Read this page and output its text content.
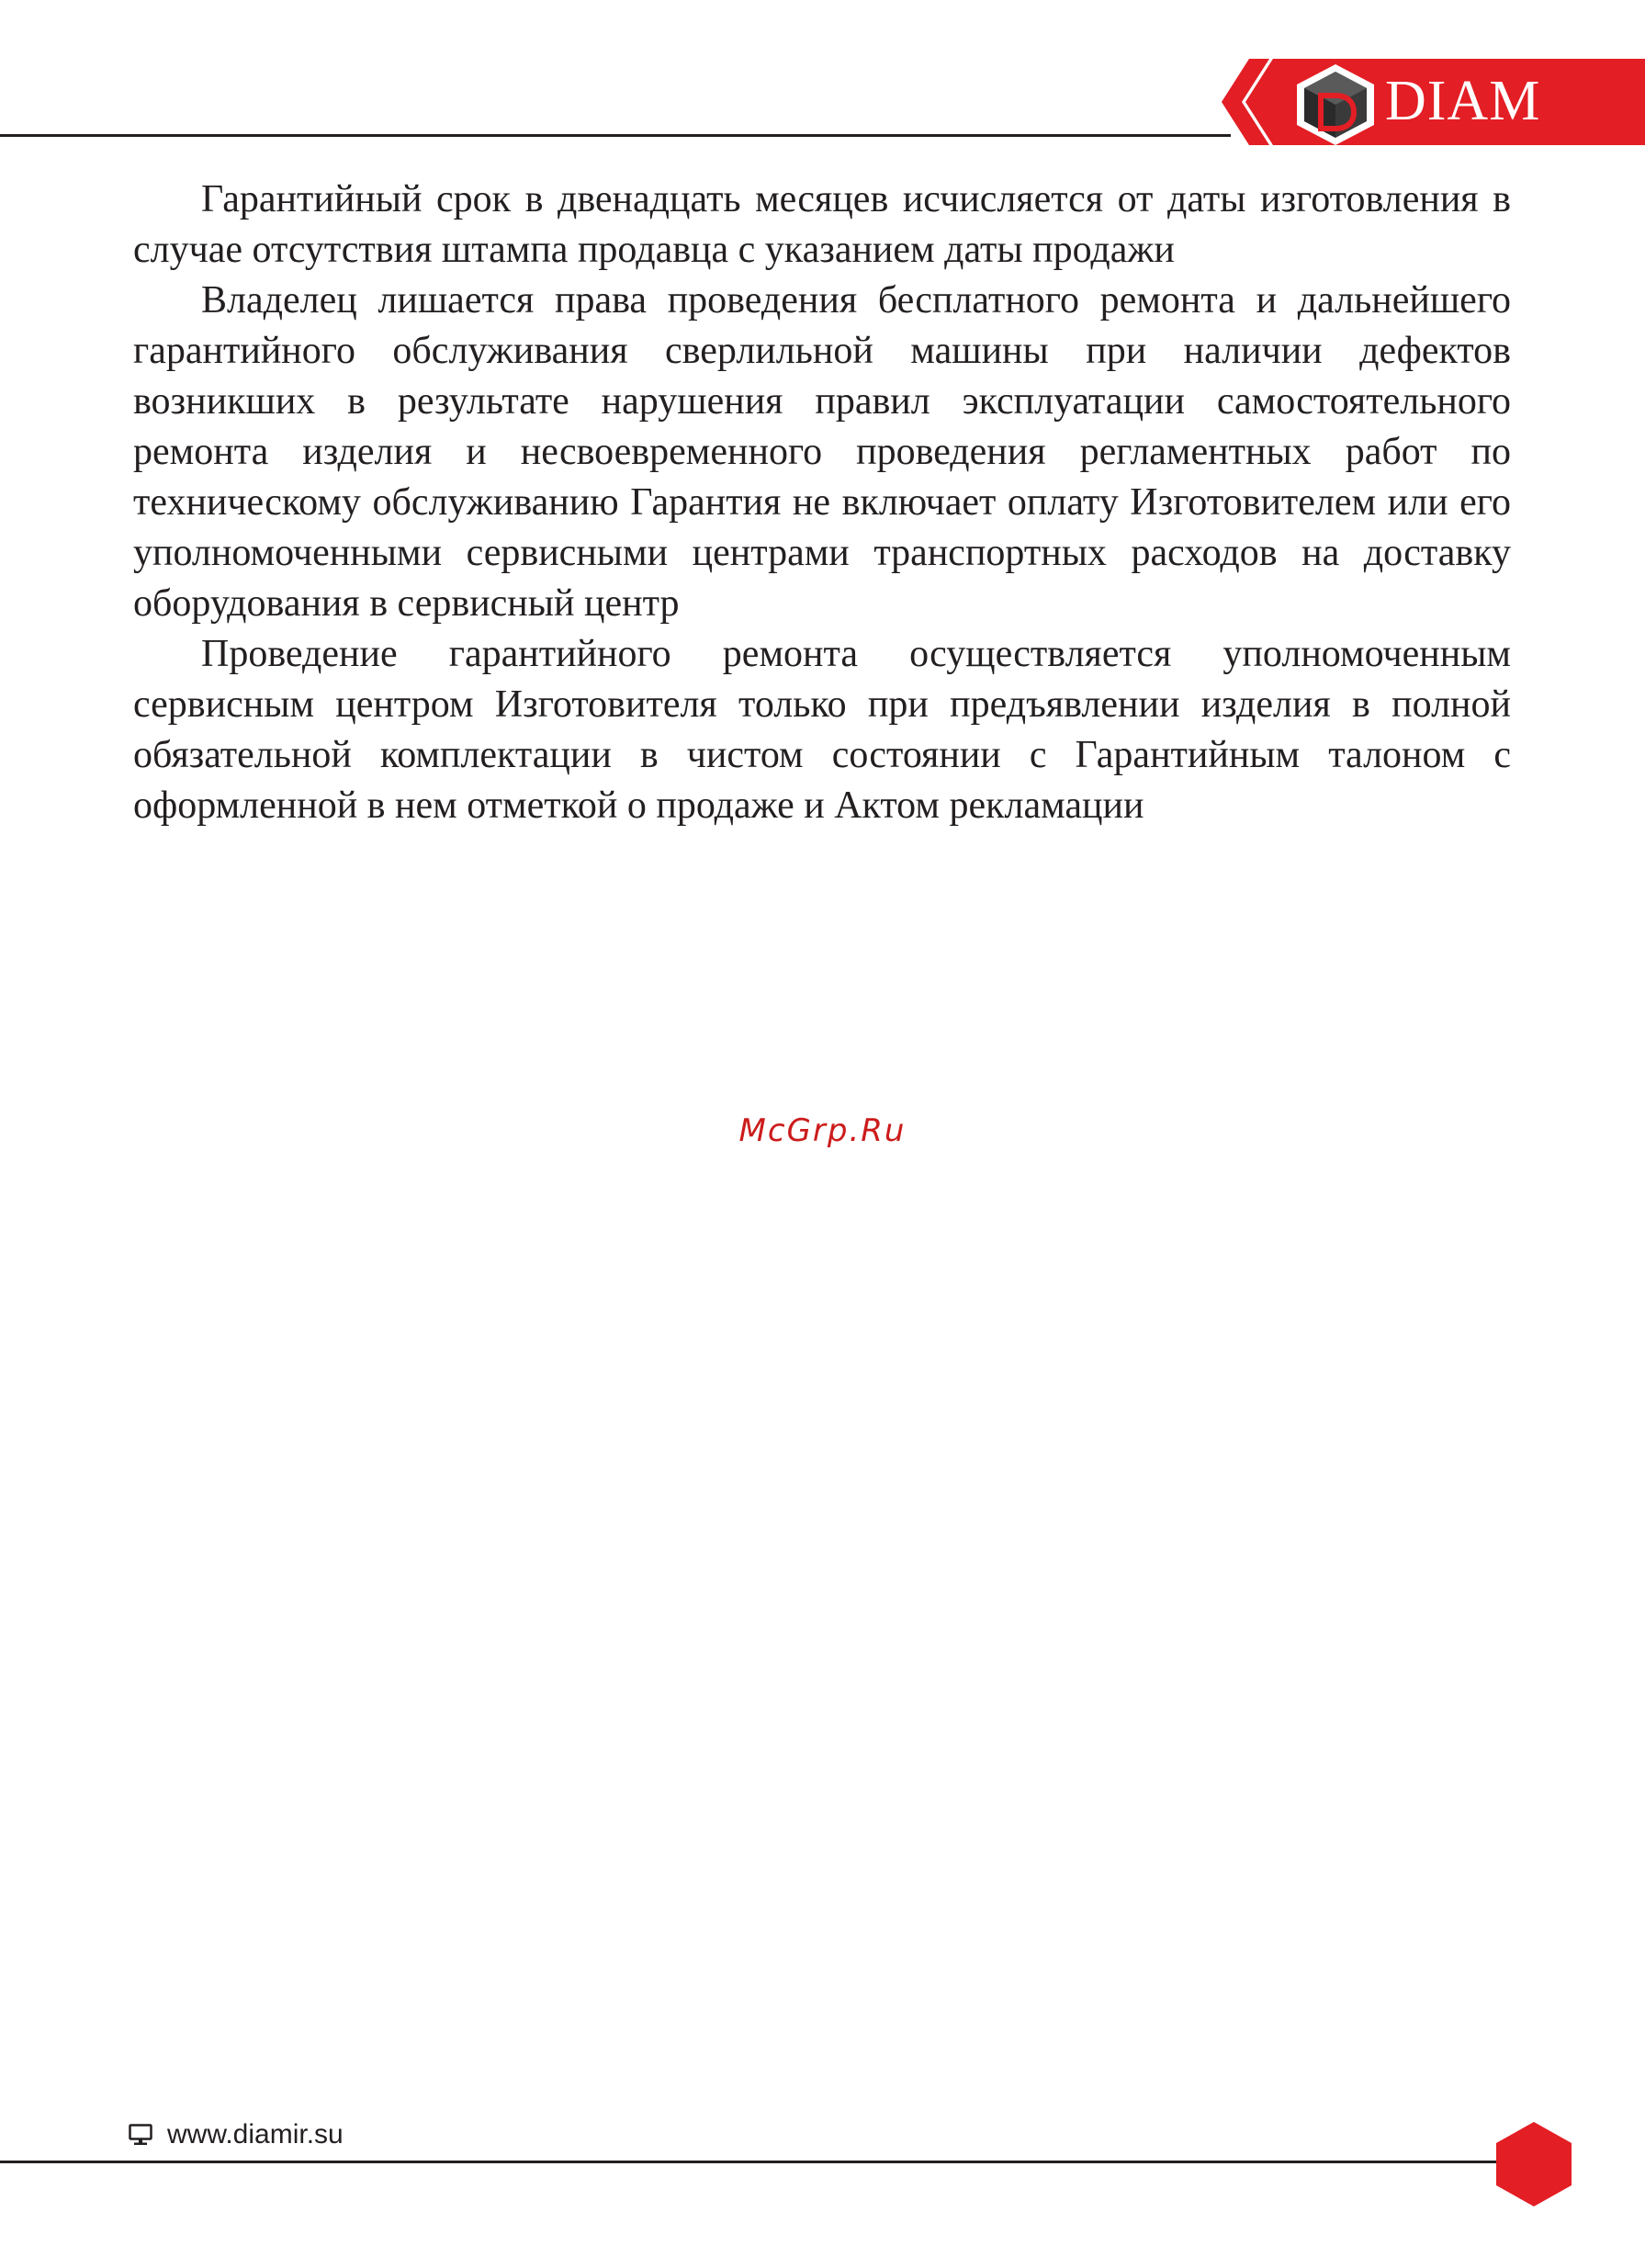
DIAM

Гарантийный срок в двенадцать месяцев исчисляется от даты изготовления в случае отсутствия штампа продавца с указанием даты продажи

Владелец лишается права проведения бесплатного ремонта и дальнейшего гарантийного обслуживания сверлильной машины при наличии дефектов возникших в результате нарушения правил эксплуатации самостоятельного ремонта изделия и несвоевременного проведения регламентных работ по техническому обслуживанию Гарантия не включает оплату Изготовителем или его уполномоченными сервисными центрами транспортных расходов на доставку оборудования в сервисный центр

Проведение гарантийного ремонта осуществляется уполномоченным сервисным центром Изготовителя только при предъявлении изделия в полной обязательной комплектации в чистом состоянии с Гарантийным талоном с оформленной в нем отметкой о продаже и Актом рекламации

McGrp.Ru
www.diamir.su
